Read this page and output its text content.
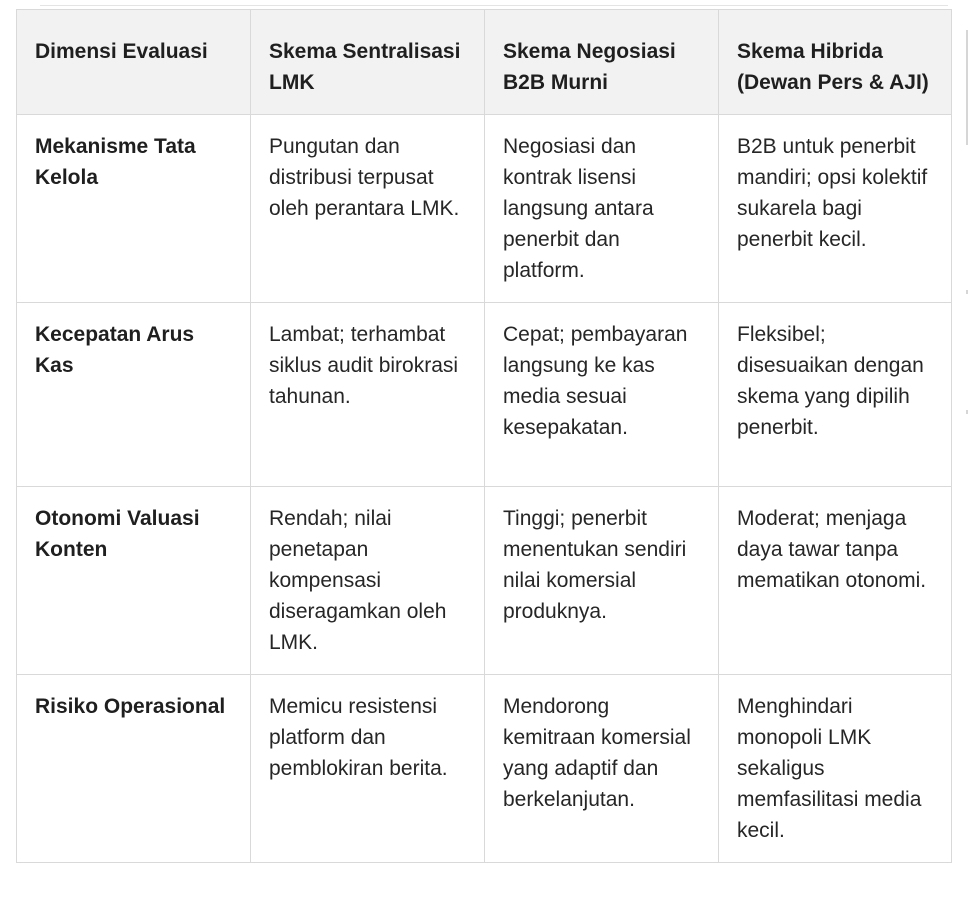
Dimensi Evaluasi	Skema Sentralisasi LMK	Skema Negosiasi B2B Murni	Skema Hibrida (Dewan Pers & AJI)
Mekanisme Tata Kelola	Pungutan dan distribusi terpusat oleh perantara LMK.	Negosiasi dan kontrak lisensi langsung antara penerbit dan platform.	B2B untuk penerbit mandiri; opsi kolektif sukarela bagi penerbit kecil.
Kecepatan Arus Kas	Lambat; terhambat siklus audit birokrasi tahunan.	Cepat; pembayaran langsung ke kas media sesuai kesepakatan.	Fleksibel; disesuaikan dengan skema yang dipilih penerbit.
Otonomi Valuasi Konten	Rendah; nilai penetapan kompensasi diseragamkan oleh LMK.	Tinggi; penerbit menentukan sendiri nilai komersial produknya.	Moderat; menjaga daya tawar tanpa mematikan otonomi.
Risiko Operasional	Memicu resistensi platform dan pemblokiran berita.	Mendorong kemitraan komersial yang adaptif dan berkelanjutan.	Menghindari monopoli LMK sekaligus memfasilitasi media kecil.
